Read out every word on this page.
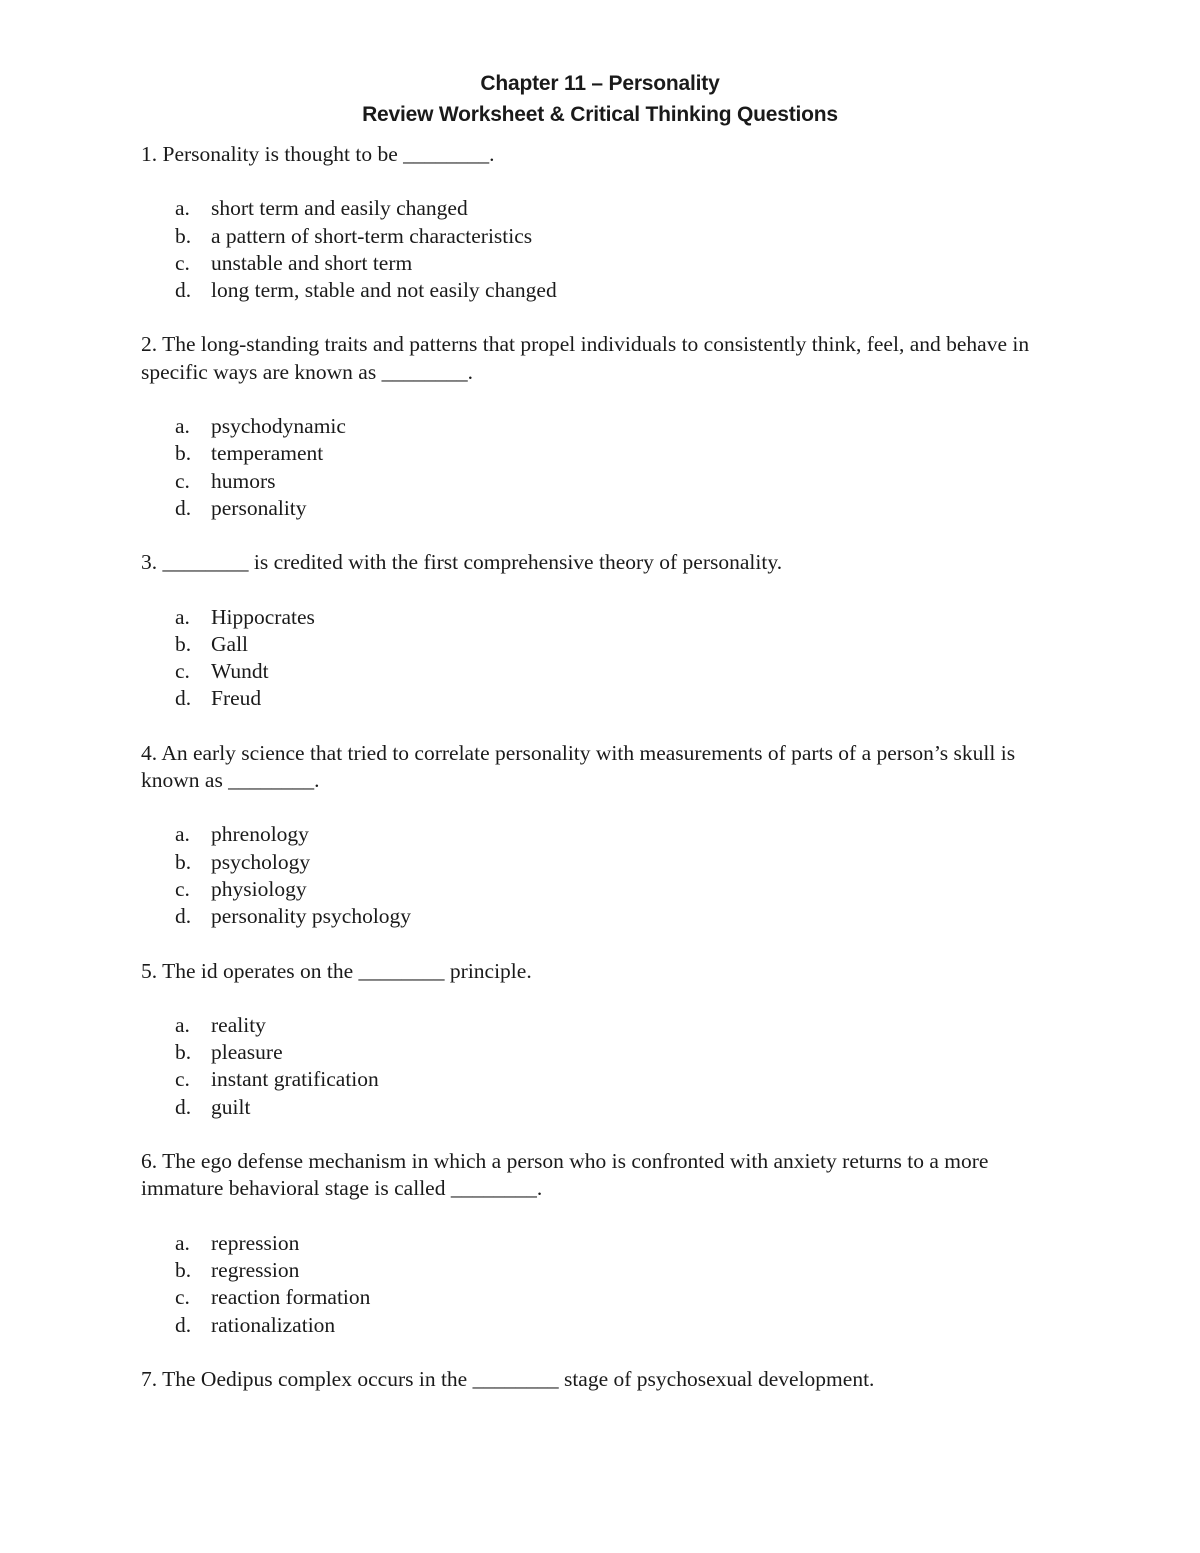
Chapter 11 – Personality
Review Worksheet & Critical Thinking Questions

1. Personality is thought to be ________.

a. short term and easily changed
b. a pattern of short-term characteristics
c. unstable and short term
d. long term, stable and not easily changed

2. The long-standing traits and patterns that propel individuals to consistently think, feel, and behave in specific ways are known as ________.

a. psychodynamic
b. temperament
c. humors
d. personality

3. ________ is credited with the first comprehensive theory of personality.

a. Hippocrates
b. Gall
c. Wundt
d. Freud

4. An early science that tried to correlate personality with measurements of parts of a person’s skull is known as ________.

a. phrenology
b. psychology
c. physiology
d. personality psychology

5. The id operates on the ________ principle.

a. reality
b. pleasure
c. instant gratification
d. guilt

6. The ego defense mechanism in which a person who is confronted with anxiety returns to a more immature behavioral stage is called ________.

a. repression
b. regression
c. reaction formation
d. rationalization

7. The Oedipus complex occurs in the ________ stage of psychosexual development.
